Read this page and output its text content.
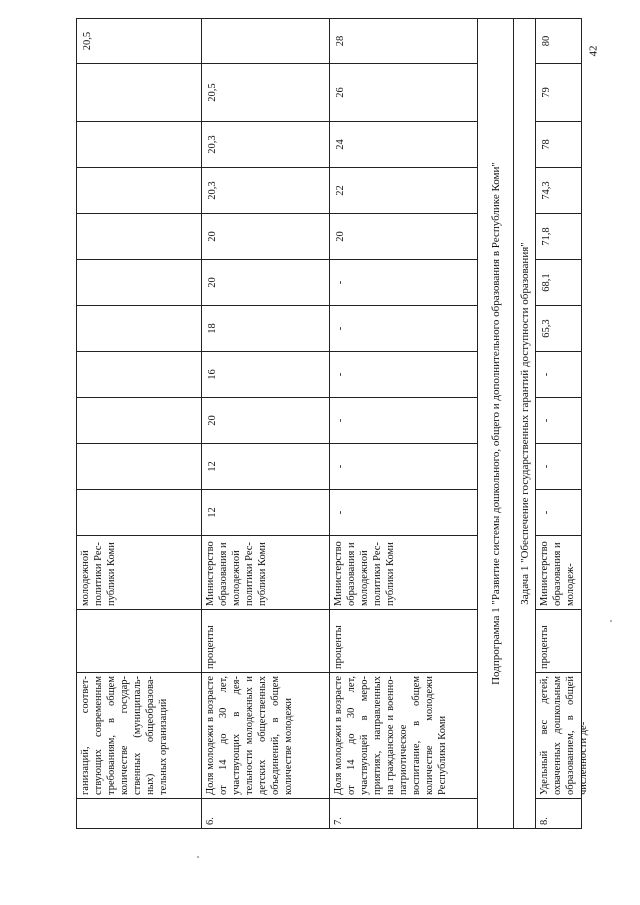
42
ганизаций, соответствующих современным требованиям, в общем количестве государственных (муниципальных) общеобразовательных организаций
молодежной политики Республики Коми
20,5
6.
Доля молодежи в возрасте от 14 до 30 лет, участвующих в деятельности молодежных и детских общественных объединений, в общем количестве молодежи
проценты
Министерство образования и молодежной политики Республики Коми
12
12
20
16
18
20
20
20,3
20,3
20,5
7.
Доля молодежи в возрасте от 14 до 30 лет, участвующей в мероприятиях, направленных на гражданское и военно-патриотическое воспитание, в общем количестве молодежи Республики Коми
проценты
Министерство образования и молодежной политики Республики Коми
-
-
-
-
-
-
20
22
24
26
28
Подпрограмма 1 "Развитие системы дошкольного, общего и дополнительного образования в Республике Коми"	Задача 1 "Обеспечение государственных гарантий доступности образования"
8.
Удельный вес детей, охваченных дошкольным образованием, в общей численности де-
проценты
Министерство образования и молодеж-
-
-
-
-
65,3
68,1
71,8
74,3
78
79
80
